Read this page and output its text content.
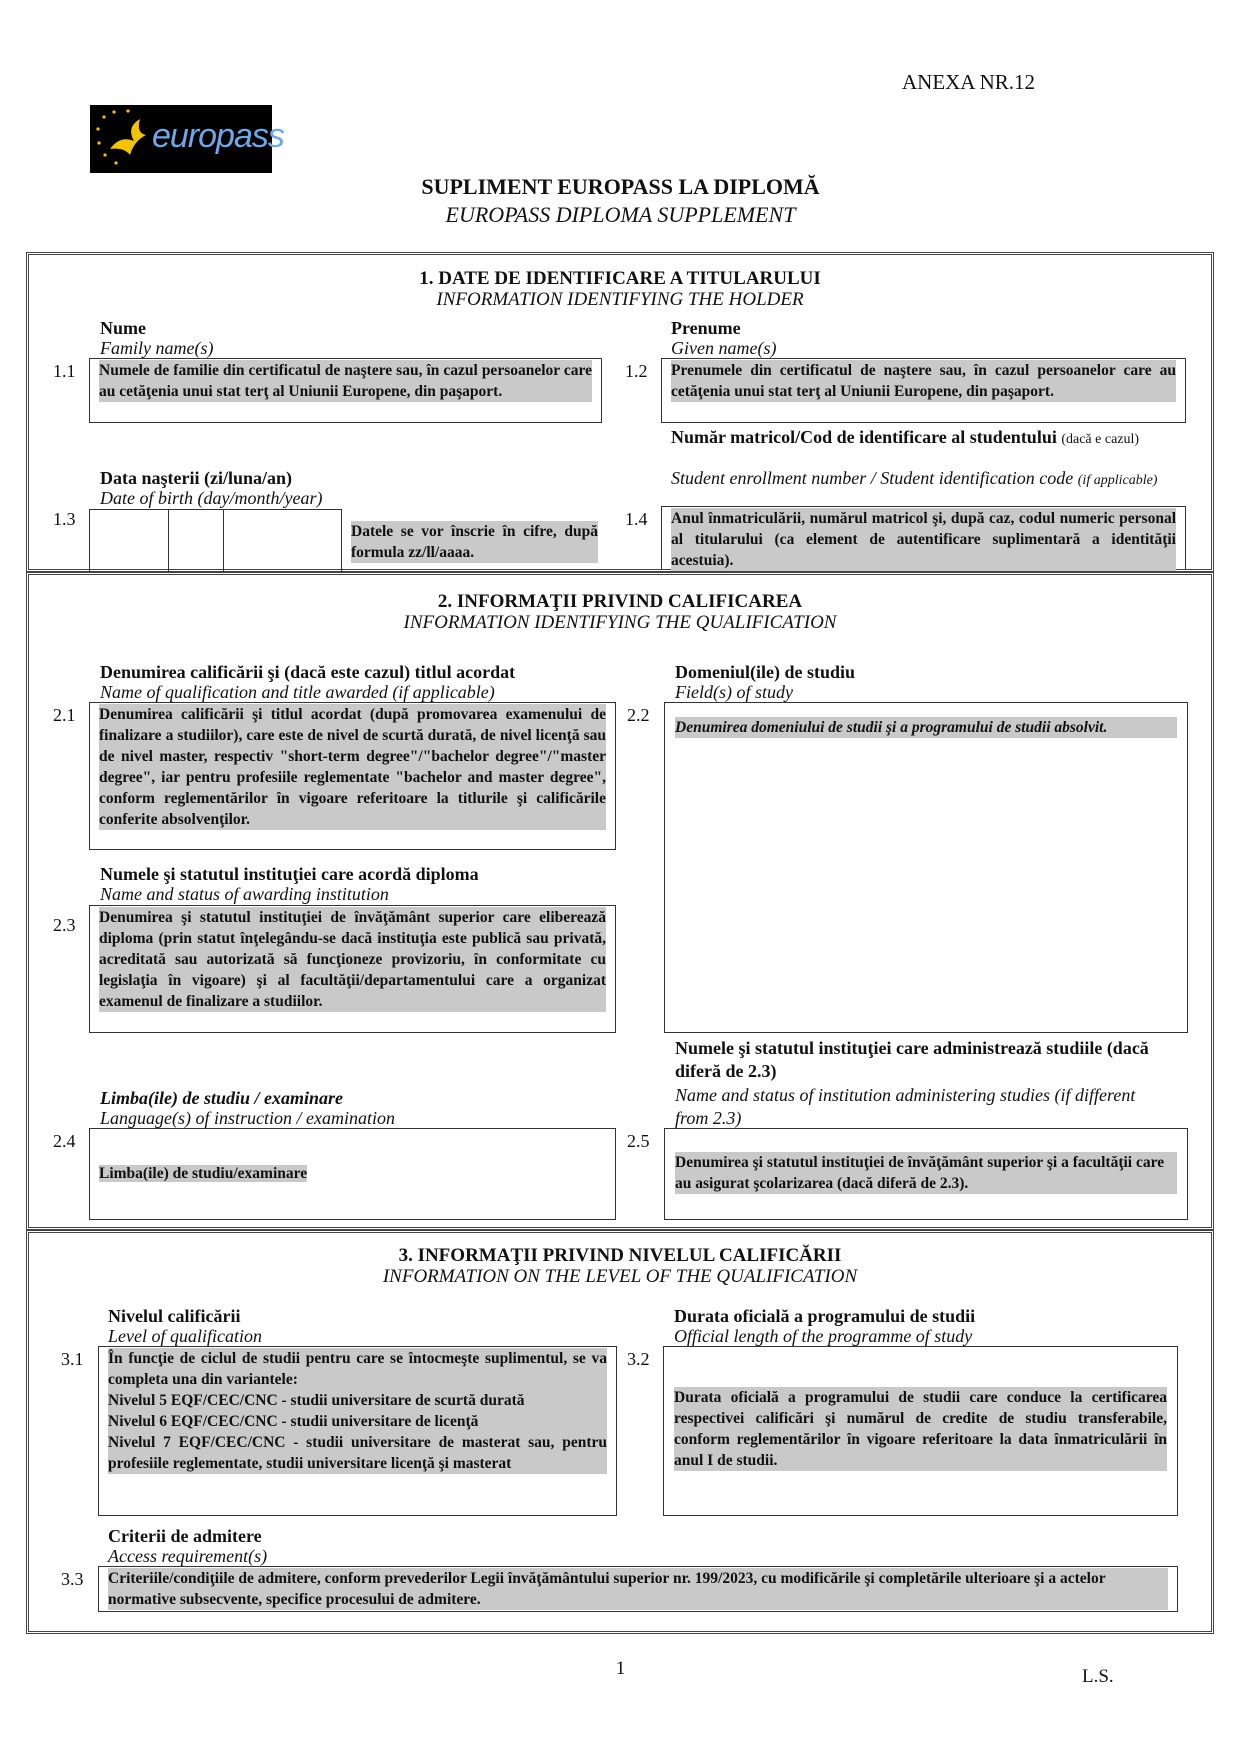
ANEXA NR.12
europass
SUPLIMENT EUROPASS LA DIPLOMĂ
EUROPASS DIPLOMA SUPPLEMENT
1. DATE DE IDENTIFICARE A TITULARULUI
INFORMATION IDENTIFYING THE HOLDER
Nume
Family name(s)
1.1 Numele de familie din certificatul de naştere sau, în cazul persoanelor care au cetăţenia unui stat terţ al Uniunii Europene, din paşaport.
Prenume
Given name(s)
1.2 Prenumele din certificatul de naştere sau, în cazul persoanelor care au cetăţenia unui stat terţ al Uniunii Europene, din paşaport.
Număr matricol/Cod de identificare al studentului (dacă e cazul)
Student enrollment number / Student identification code (if applicable)
Data naşterii (zi/luna/an)
Date of birth (day/month/year)
1.3
Datele se vor înscrie în cifre, după formula zz/ll/aaaa.
1.4 Anul înmatriculării, numărul matricol şi, după caz, codul numeric personal al titularului (ca element de autentificare suplimentară a identităţii acestuia).
2. INFORMAŢII PRIVIND CALIFICAREA
INFORMATION IDENTIFYING THE QUALIFICATION
Denumirea calificării şi (dacă este cazul) titlul acordat
Name of qualification and title awarded (if applicable)
2.1 Denumirea calificării şi titlul acordat (după promovarea examenului de finalizare a studiilor), care este de nivel de scurtă durată, de nivel licenţă sau de nivel master, respectiv "short-term degree"/"bachelor degree"/"master degree", iar pentru profesiile reglementate "bachelor and master degree", conform reglementărilor în vigoare referitoare la titlurile şi calificările conferite absolvenţilor.
Domeniul(ile) de studiu
Field(s) of study
2.2
Denumirea domeniului de studii şi a programului de studii absolvit.
Numele şi statutul instituţiei care acordă diploma
Name and status of awarding institution
2.3 Denumirea şi statutul instituţiei de învăţământ superior care eliberează diploma (prin statut înţelegându-se dacă instituţia este publică sau privată, acreditată sau autorizată să funcţioneze provizoriu, în conformitate cu legislaţia în vigoare) şi al facultăţii/departamentului care a organizat examenul de finalizare a studiilor.
Numele şi statutul instituţiei care administrează studiile (dacă diferă de 2.3)
Name and status of institution administering studies (if different from 2.3)
Limba(ile) de studiu / examinare
Language(s) of instruction / examination
2.4
Limba(ile) de studiu/examinare
2.5
Denumirea şi statutul instituţiei de învăţământ superior şi a facultăţii care au asigurat şcolarizarea (dacă diferă de 2.3).
3. INFORMAŢII PRIVIND NIVELUL CALIFICĂRII
INFORMATION ON THE LEVEL OF THE QUALIFICATION
Nivelul calificării
Level of qualification
3.1 În funcţie de ciclul de studii pentru care se întocmeşte suplimentul, se va completa una din variantele:
Nivelul 5 EQF/CEC/CNC - studii universitare de scurtă durată
Nivelul 6 EQF/CEC/CNC - studii universitare de licenţă
Nivelul 7 EQF/CEC/CNC - studii universitare de masterat sau, pentru profesiile reglementate, studii universitare licenţă şi masterat
Durata oficială a programului de studii
Official length of the programme of study
3.2
Durata oficială a programului de studii care conduce la certificarea respectivei calificări şi numărul de credite de studiu transferabile, conform reglementărilor în vigoare referitoare la data înmatriculării în anul I de studii.
Criterii de admitere
Access requirement(s)
3.3 Criteriile/condiţiile de admitere, conform prevederilor Legii învăţământului superior nr. 199/2023, cu modificările şi completările ulterioare şi a actelor normative subsecvente, specifice procesului de admitere.
1	L.S.
